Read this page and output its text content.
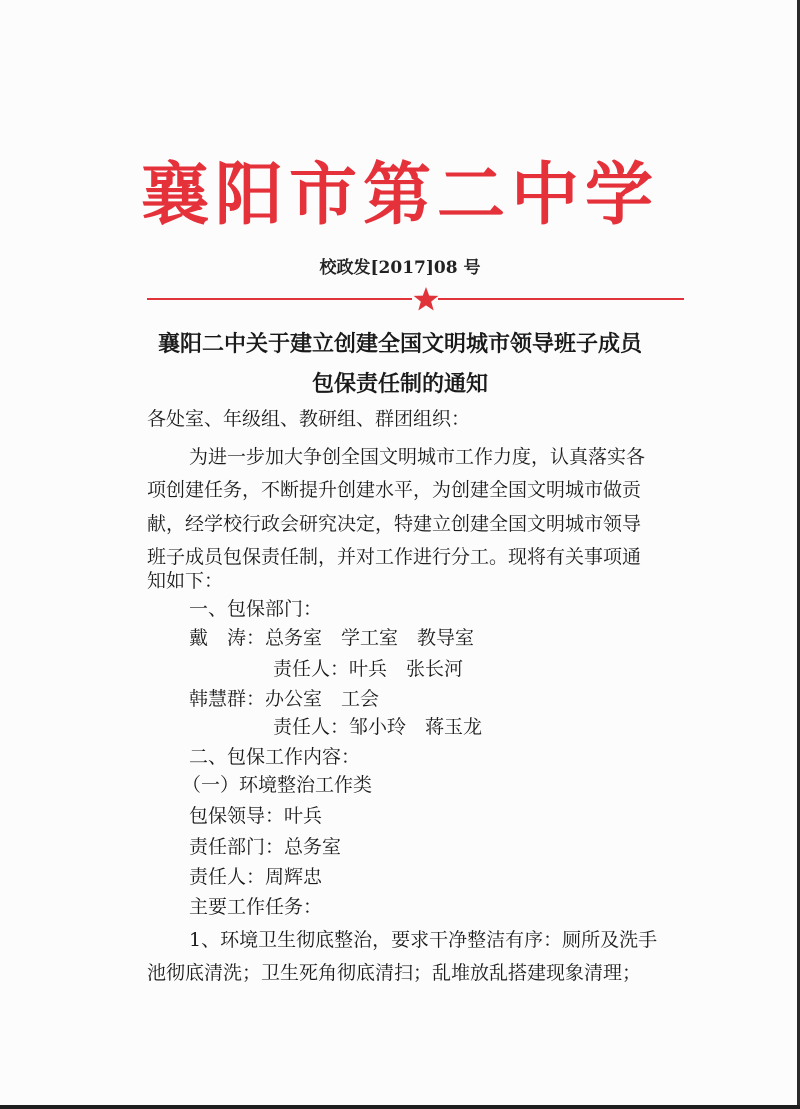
襄阳市第二中学
校政发[2017]08 号
襄阳二中关于建立创建全国文明城市领导班子成员
包保责任制的通知
各处室、年级组、教研组、群团组织：
为进一步加大争创全国文明城市工作力度，认真落实各
项创建任务，不断提升创建水平，为创建全国文明城市做贡
献，经学校行政会研究决定，特建立创建全国文明城市领导
班子成员包保责任制，并对工作进行分工。现将有关事项通
知如下：
一、包保部门：
戴　涛：总务室　学工室　教导室
责任人：叶兵　张长河
韩慧群：办公室　工会
责任人：邹小玲　蒋玉龙
二、包保工作内容：
（一）环境整治工作类
包保领导：叶兵
责任部门：总务室
责任人：周辉忠
主要工作任务：
1、环境卫生彻底整治，要求干净整洁有序：厕所及洗手
池彻底清洗；卫生死角彻底清扫；乱堆放乱搭建现象清理；
